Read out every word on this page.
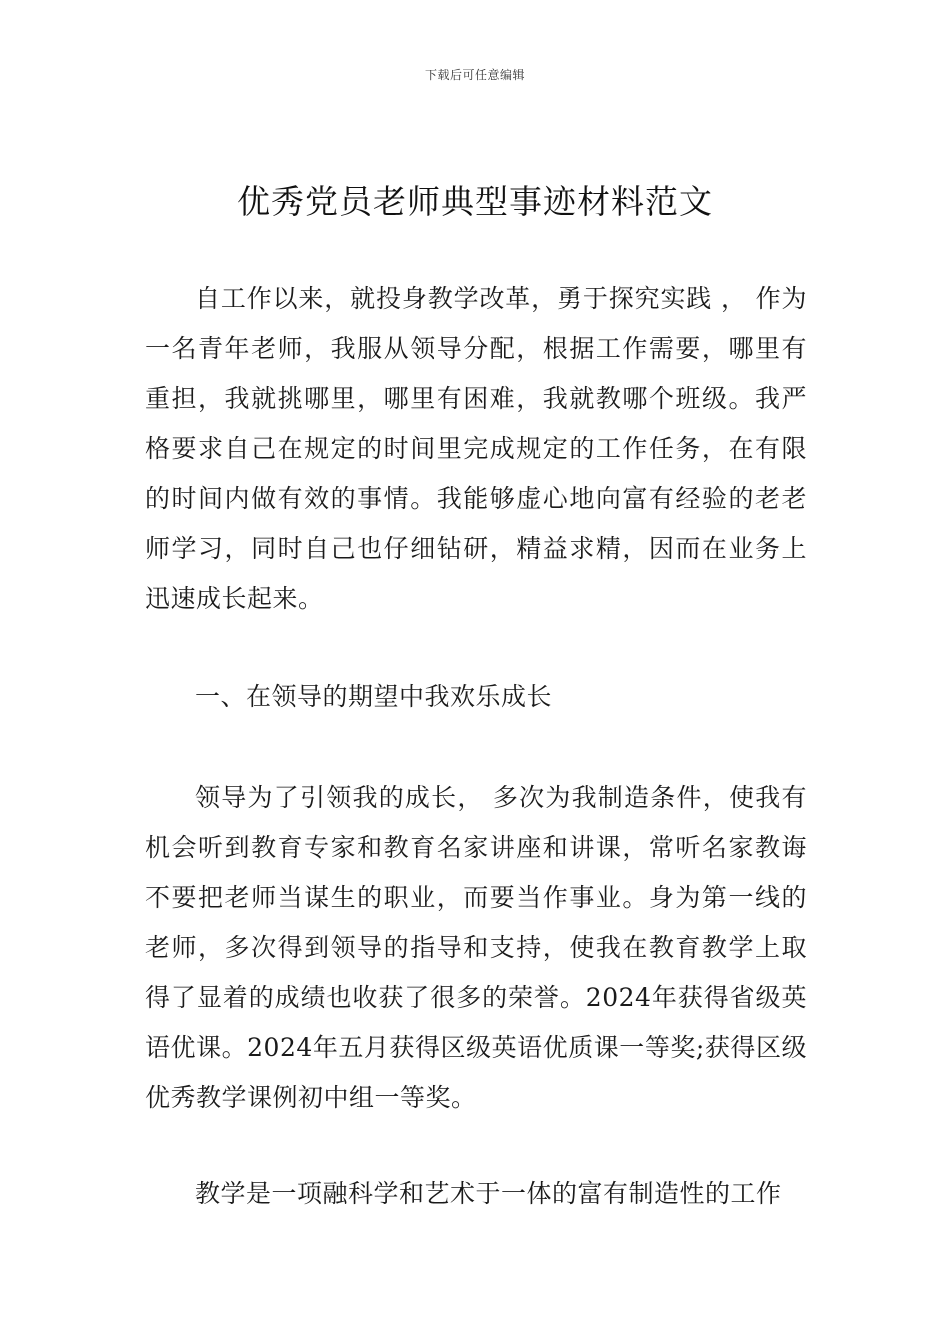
下载后可任意编辑
优秀党员老师典型事迹材料范文

自工作以来，就投身教学改革，勇于探究实践 ， 作为一名青年老师，我服从领导分配，根据工作需要，哪里有重担，我就挑哪里，哪里有困难，我就教哪个班级。我严格要求自己在规定的时间里完成规定的工作任务，在有限的时间内做有效的事情。我能够虚心地向富有经验的老老师学习，同时自己也仔细钻研，精益求精，因而在业务上迅速成长起来。

一、在领导的期望中我欢乐成长

领导为了引领我的成长， 多次为我制造条件，使我有机会听到教育专家和教育名家讲座和讲课，常听名家教诲不要把老师当谋生的职业，而要当作事业。身为第一线的老师，多次得到领导的指导和支持，使我在教育教学上取得了显着的成绩也收获了很多的荣誉。2024年获得省级英语优课。2024年五月获得区级英语优质课一等奖;获得区级优秀教学课例初中组一等奖。

教学是一项融科学和艺术于一体的富有制造性的工作
